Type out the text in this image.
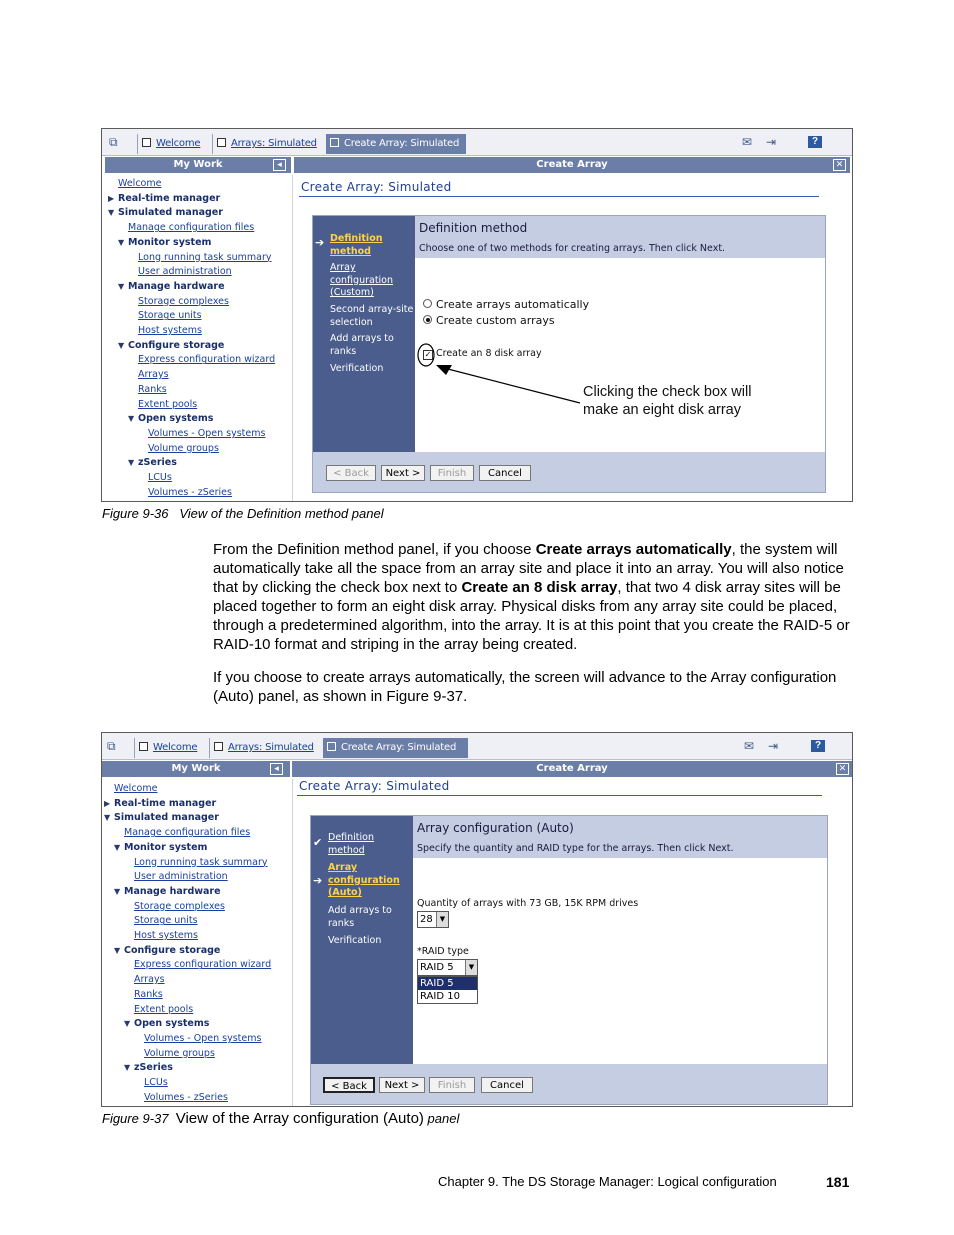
⧉	Welcome	Arrays: Simulated	Create Array: Simulated	✉ ⇥	?
My Work	◂	Create Array	✕
Welcome
▶ Real-time manager
▼ Simulated manager
Manage configuration files
▼ Monitor system
Long running task summary
User administration
▼ Manage hardware
Storage complexes
Storage units
Host systems
▼ Configure storage
Express configuration wizard
Arrays
Ranks
Extent pools
▼ Open systems
Volumes - Open systems
Volume groups
▼ zSeries
LCUs
Volumes - zSeries
Create Array: Simulated
➔ Definition method
Array configuration (Custom)
Second array-site selection
Add arrays to ranks
Verification
Definition method
Choose one of two methods for creating arrays. Then click Next.
Create arrays automatically
Create custom arrays
✓ Create an 8 disk array
< Back	Next >	Finish	Cancel
Clicking the check box will
make an eight disk array
Figure 9-36 View of the Definition method panel
From the Definition method panel, if you choose Create arrays automatically, the system will automatically take all the space from an array site and place it into an array. You will also notice that by clicking the check box next to Create an 8 disk array, that two 4 disk array sites will be placed together to form an eight disk array. Physical disks from any array site could be placed, through a predetermined algorithm, into the array. It is at this point that you create the RAID-5 or RAID-10 format and striping in the array being created.
If you choose to create arrays automatically, the screen will advance to the Array configuration (Auto) panel, as shown in Figure 9-37.
⧉	Welcome	Arrays: Simulated	Create Array: Simulated	✉ ⇥	?
My Work	◂	Create Array	✕
Welcome
▶ Real-time manager
▼ Simulated manager
Manage configuration files
▼ Monitor system
Long running task summary
User administration
▼ Manage hardware
Storage complexes
Storage units
Host systems
▼ Configure storage
Express configuration wizard
Arrays
Ranks
Extent pools
▼ Open systems
Volumes - Open systems
Volume groups
▼ zSeries
LCUs
Volumes - zSeries
Create Array: Simulated
✔ Definition method
➔
Array configuration (Auto)
Add arrays to ranks
Verification
Array configuration (Auto)
Specify the quantity and RAID type for the arrays. Then click Next.
Quantity of arrays with 73 GB, 15K RPM drives
28	▼
*RAID type
RAID 5	▼
RAID 5
RAID 10
< Back	Next >	Finish	Cancel
Figure 9-37 View of the Array configuration (Auto) panel
Chapter 9. The DS Storage Manager: Logical configuration	181
